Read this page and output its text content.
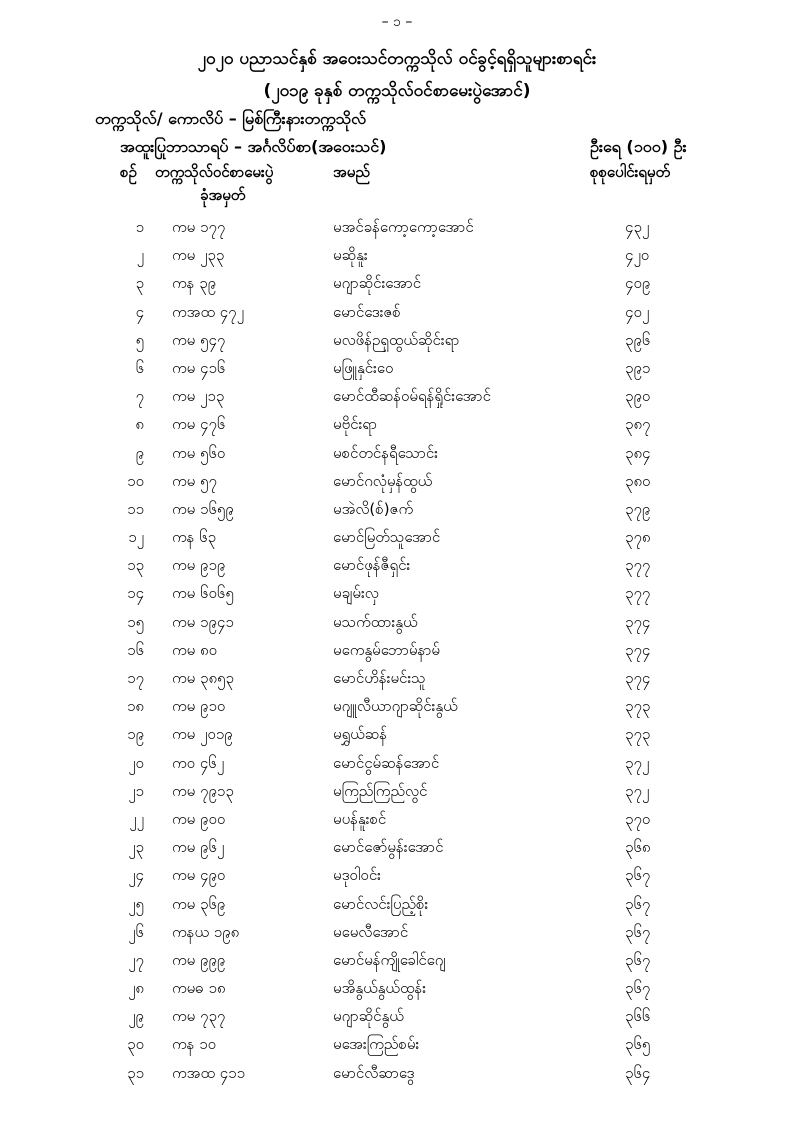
– ၁ –
၂၀၂၀ ပညာသင်နှစ် အဝေးသင်တက္ကသိုလ် ဝင်ခွင့်ရရှိသူများစာရင်း
(၂၀၁၉ ခုနှစ် တက္ကသိုလ်ဝင်စာမေးပွဲအောင်)
တက္ကသိုလ်/ ကောလိပ် – မြစ်ကြီးနားတက္ကသိုလ်
အထူးပြုဘာသာရပ် – အင်္ဂလိပ်စာ(အဝေးသင်)	ဦးရေ (၁၀၀) ဦး
စဉ် တက္ကသိုလ်ဝင်စာမေးပွဲ
ခုံအမှတ်
အမည်	စုစုပေါင်းရမှတ်
၁ ကမ ၁၇၇	မအင်ခန်ကော့ကော့အောင်	၄၃၂
၂ ကမ ၂၃၃	မဆိုနူး	၄၂၀
၃ ကန ၃၉	မဂျာဆိုင်းအောင်	၄၀၉
၄ ကအထ ၄၇၂	မောင်ဒေးဇစ်	၄၀၂
၅ ကမ ၅၄၇	မလဖိန်ဉရှထွယ်ဆိုင်းရာ	၃၉၆
၆ ကမ ၄၁၆	မဖြူနှင်းဝေ	၃၉၁
၇ ကမ ၂၁၃	မောင်ထီဆန်ဝမ်ရန်ရှိုင်းအောင်	၃၉၀
၈ ကမ ၄၇၆	မဗိုင်းရာ	၃၈၇
၉ ကမ ၅၆၀	မစင်တင်နရီသောင်း	၃၈၄
၁၀ ကမ ၅၇	မောင်ဂလုံမှန်ထွယ်	၃၈၀
၁၁ ကမ ၁၆၅၉	မအဲလိ(စ်)ဇက်	၃၇၉
၁၂ ကန ၆၃	မောင်မြတ်သူအောင်	၃၇၈
၁၃ ကမ ၉၁၉	မောင်ဖုန်ဇီရှင်း	၃၇၇
၁၄ ကမ ၆၀၆၅	မချမ်းလှ	၃၇၇
၁၅ ကမ ၁၉၄၁	မသက်ထားနွယ်	၃၇၄
၁၆ ကမ ၈၀	မကေနွမ်ဘောမ်နာမ်	၃၇၄
၁၇ ကမ ၃၈၅၃	မောင်ဟိန်းမင်းသူ	၃၇၄
၁၈ ကမ ၉၁၀	မဂျူလီယာဂျာဆိုင်းနွယ်	၃၇၃
၁၉ ကမ ၂၀၁၉	မရွှယ်ဆန်	၃၇၃
၂၀ ကဝ ၄၆၂	မောင်ငွမ်ဆန်အောင်	၃၇၂
၂၁ ကမ ၇၉၁၃	မကြည်ကြည်လွင်	၃၇၂
၂၂ ကမ ၉၀၀	မပန်နူးစင်	၃၇၀
၂၃ ကမ ၉၆၂	မောင်ဇော်မွန်းအောင်	၃၆၈
၂၄ ကမ ၄၉၀	မဒုဝါဝင်း	၃၆၇
၂၅ ကမ ၃၆၉	မောင်လင်းပြည့်စိုး	၃၆၇
၂၆ ကနယ ၁၉၈	မမေလီအောင်	၃၆၇
၂၇ ကမ ၉၉၉	မောင်မန်ကျိုခေါင်ဂျေ	၃၆၇
၂၈ ကမဓ ၁၈	မအိနွယ်နွယ်ထွန်း	၃၆၇
၂၉ ကမ ၇၃၇	မဂျာဆိုင်နွယ်	၃၆၆
၃၀ ကန ၁၀	မအေးကြည်စမ်း	၃၆၅
၃၁ ကအထ ၄၁၁	မောင်လီဆာဒွေ	၃၆၄
